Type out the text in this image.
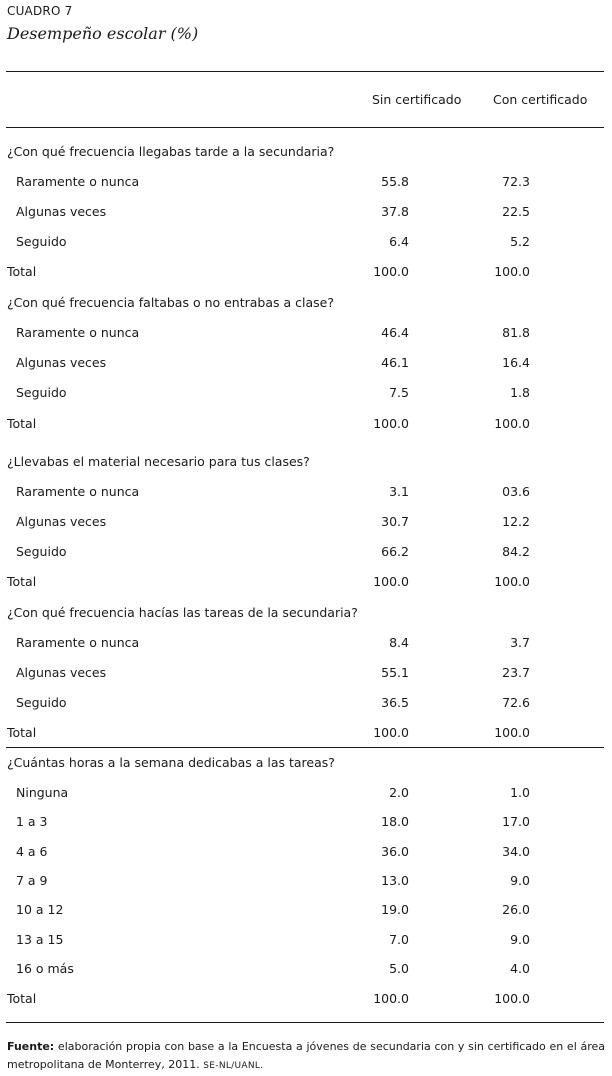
CUADRO 7
Desempeño escolar (%)
Sin certificado	Con certificado
¿Con qué frecuencia llegabas tarde a la secundaria?
Raramente o nunca	55.8	72.3
Algunas veces	37.8	22.5
Seguido	6.4	5.2
Total	100.0	100.0
¿Con qué frecuencia faltabas o no entrabas a clase?
Raramente o nunca	46.4	81.8
Algunas veces	46.1	16.4
Seguido	7.5	1.8
Total	100.0	100.0
¿Llevabas el material necesario para tus clases?
Raramente o nunca	3.1	03.6
Algunas veces	30.7	12.2
Seguido	66.2	84.2
Total	100.0	100.0
¿Con qué frecuencia hacías las tareas de la secundaria?
Raramente o nunca	8.4	3.7
Algunas veces	55.1	23.7
Seguido	36.5	72.6
Total	100.0	100.0
¿Cuántas horas a la semana dedicabas a las tareas?
Ninguna	2.0	1.0
1 a 3	18.0	17.0
4 a 6	36.0	34.0
7 a 9	13.0	9.0
10 a 12	19.0	26.0
13 a 15	7.0	9.0
16 o más	5.0	4.0
Total	100.0	100.0
Fuente: elaboración propia con base a la Encuesta a jóvenes de secundaria con y sin certificado en el área metropolitana de Monterrey, 2011. SE-NL/UANL.
